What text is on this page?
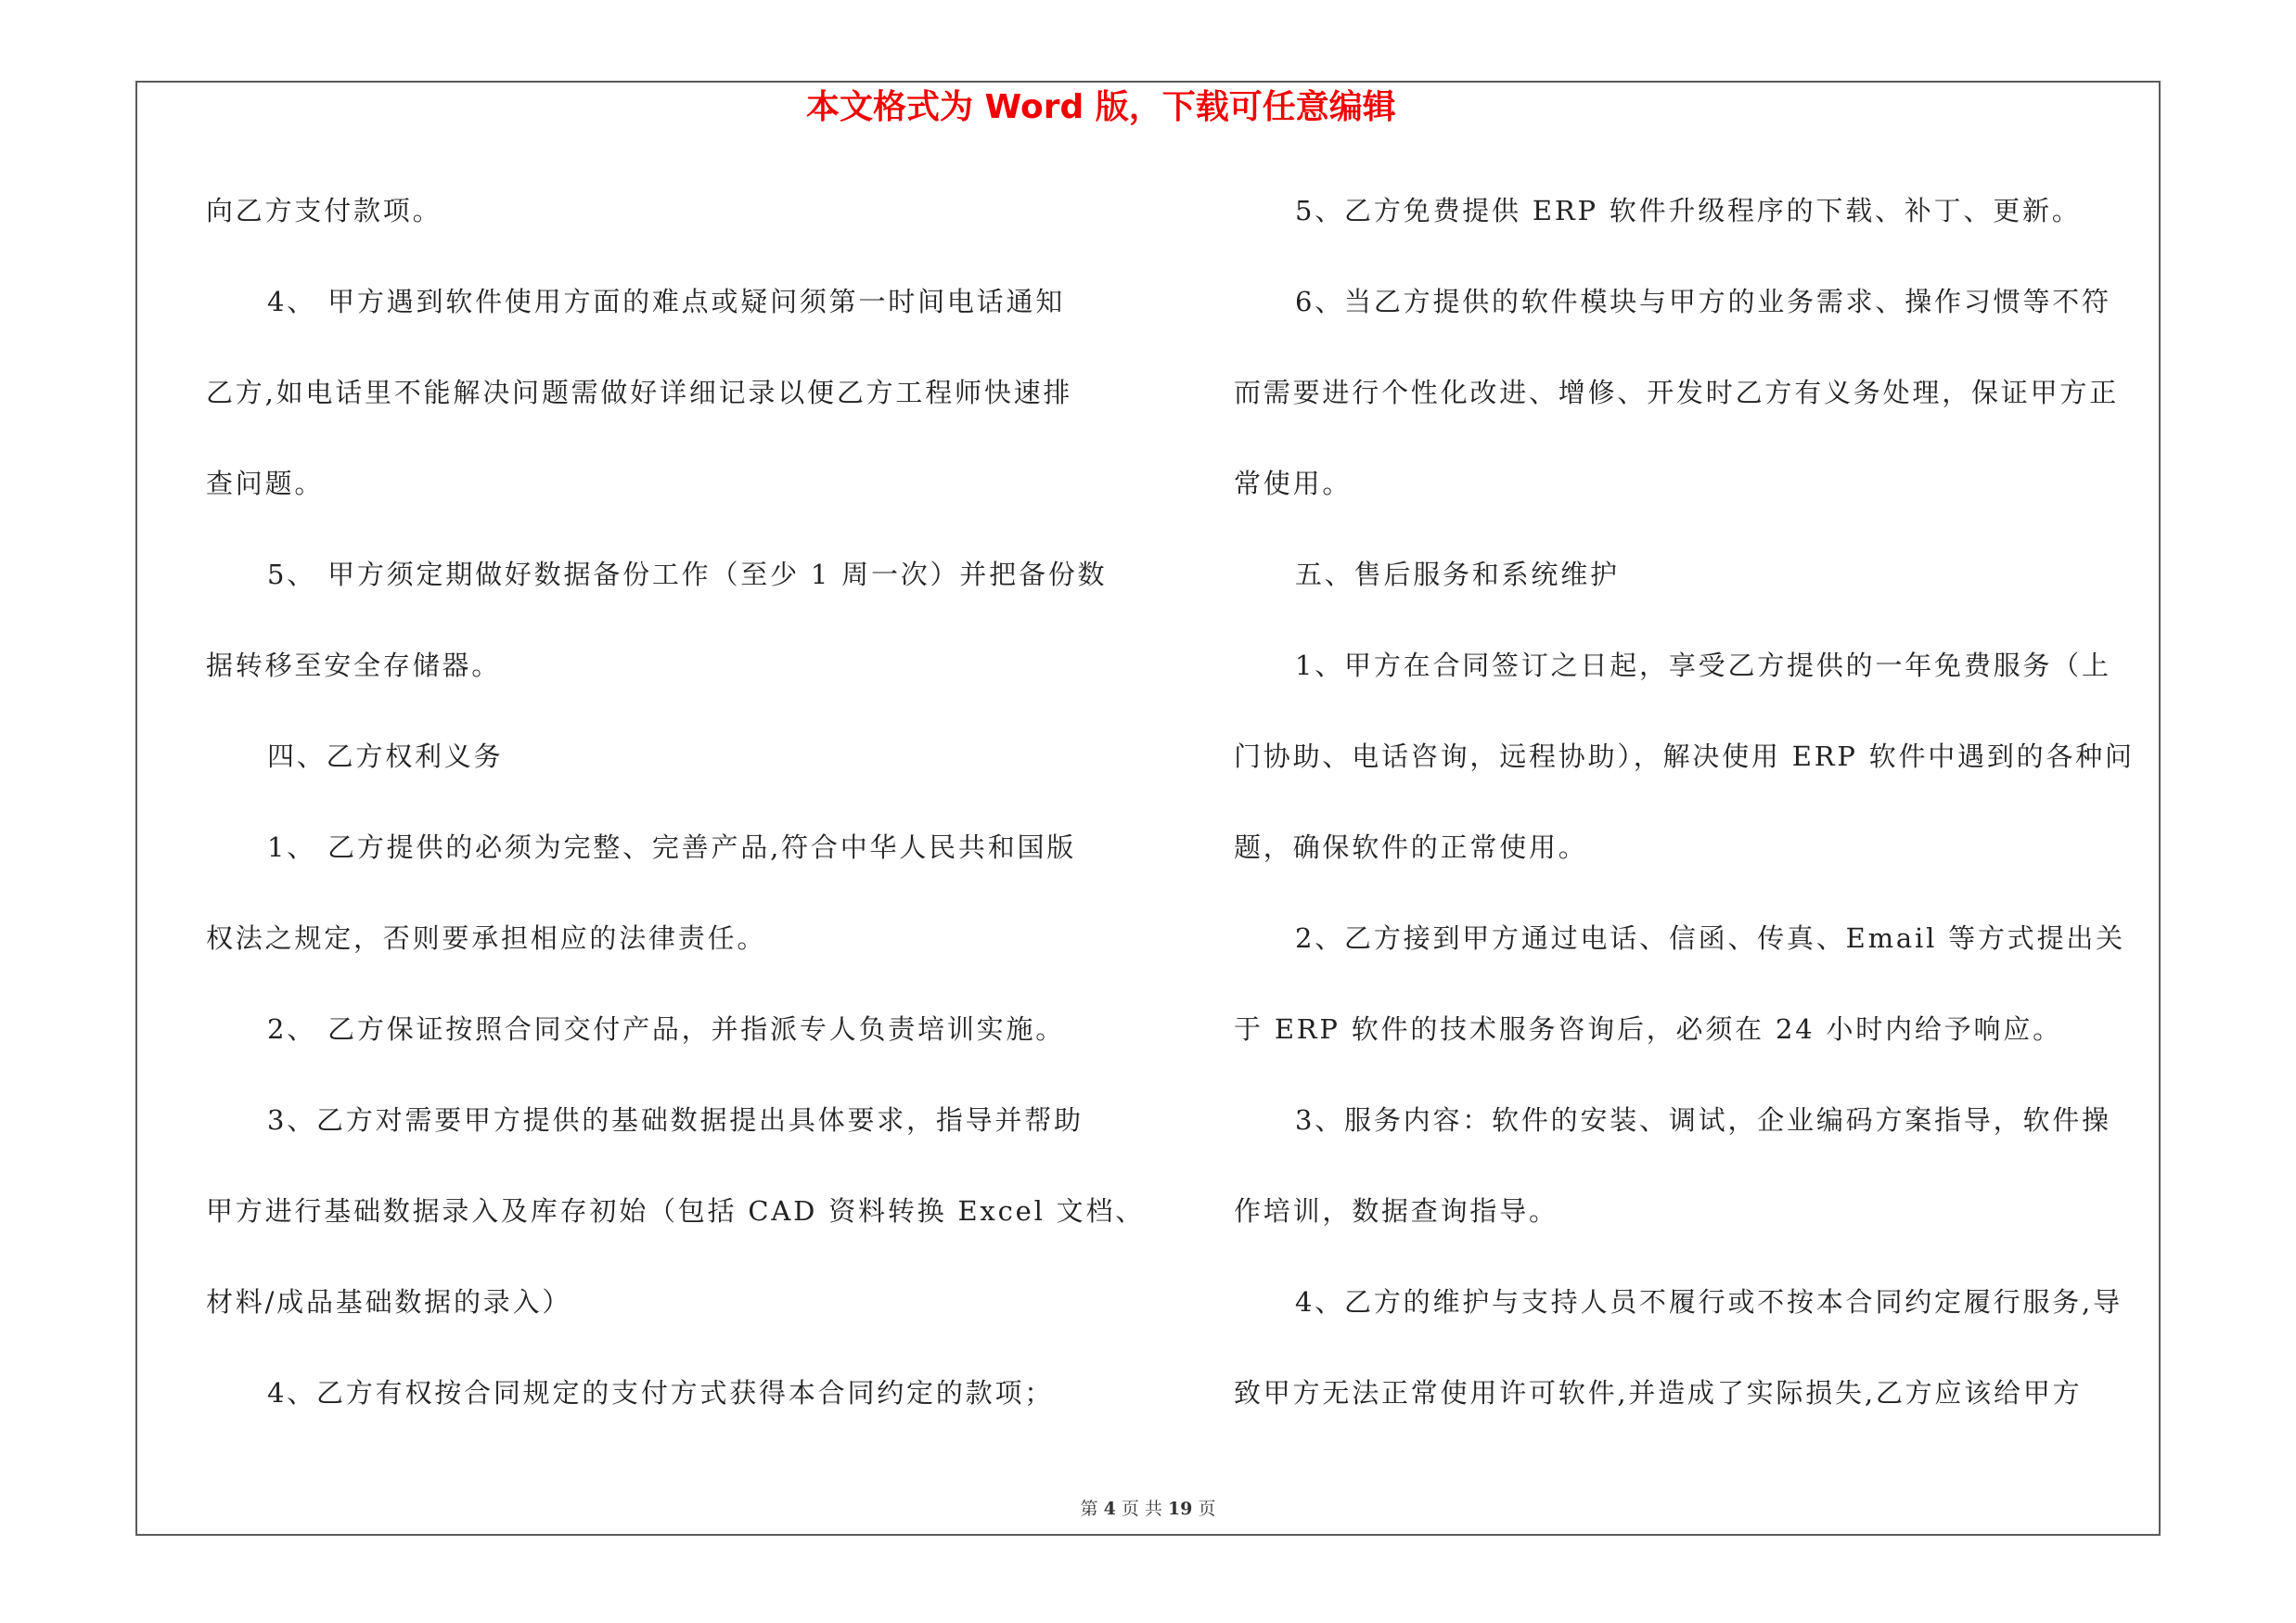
本文格式为 Word 版，下载可任意编辑
向乙方支付款项。
4、 甲方遇到软件使用方面的难点或疑问须第一时间电话通知
乙方,如电话里不能解决问题需做好详细记录以便乙方工程师快速排
查问题。
5、 甲方须定期做好数据备份工作（至少 1 周一次）并把备份数
据转移至安全存储器。
四、乙方权利义务
1、 乙方提供的必须为完整、完善产品,符合中华人民共和国版
权法之规定，否则要承担相应的法律责任。
2、 乙方保证按照合同交付产品，并指派专人负责培训实施。
3、乙方对需要甲方提供的基础数据提出具体要求，指导并帮助
甲方进行基础数据录入及库存初始（包括 CAD 资料转换 Excel 文档、
材料/成品基础数据的录入）
4、乙方有权按合同规定的支付方式获得本合同约定的款项；
5、乙方免费提供 ERP 软件升级程序的下载、补丁、更新。
6、当乙方提供的软件模块与甲方的业务需求、操作习惯等不符
而需要进行个性化改进、增修、开发时乙方有义务处理，保证甲方正
常使用。
五、售后服务和系统维护
1、甲方在合同签订之日起，享受乙方提供的一年免费服务（上
门协助、电话咨询，远程协助），解决使用 ERP 软件中遇到的各种问
题，确保软件的正常使用。
2、乙方接到甲方通过电话、信函、传真、Email 等方式提出关
于 ERP 软件的技术服务咨询后，必须在 24 小时内给予响应。
3、服务内容：软件的安装、调试，企业编码方案指导，软件操
作培训，数据查询指导。
4、乙方的维护与支持人员不履行或不按本合同约定履行服务,导
致甲方无法正常使用许可软件,并造成了实际损失,乙方应该给甲方
第 4 页 共 19 页
